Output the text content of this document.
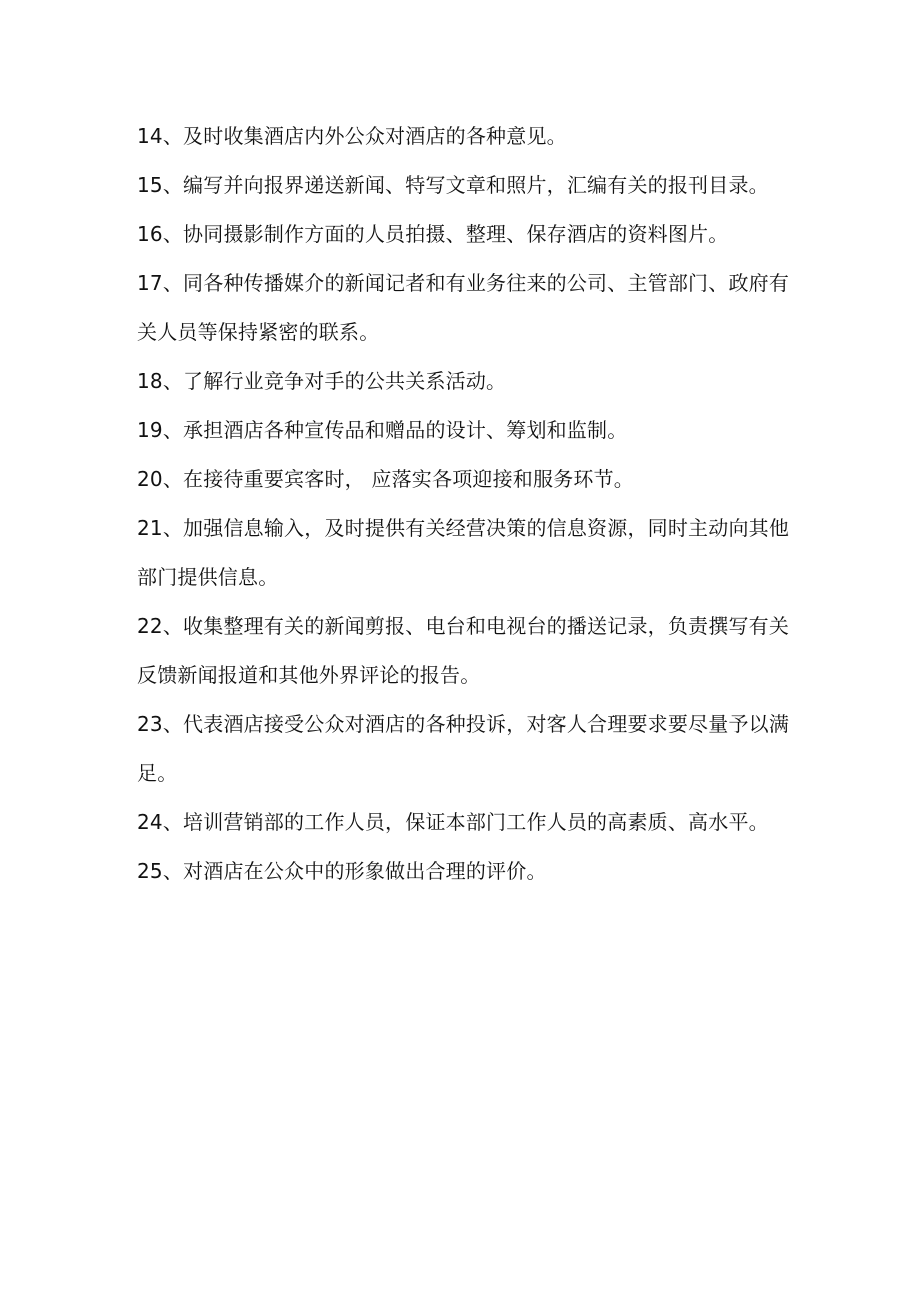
14、及时收集酒店内外公众对酒店的各种意见。

15、编写并向报界递送新闻、特写文章和照片，汇编有关的报刊目录。

16、协同摄影制作方面的人员拍摄、整理、保存酒店的资料图片。

17、同各种传播媒介的新闻记者和有业务往来的公司、主管部门、政府有关人员等保持紧密的联系。

18、了解行业竞争对手的公共关系活动。

19、承担酒店各种宣传品和赠品的设计、筹划和监制。

20、在接待重要宾客时， 应落实各项迎接和服务环节。

21、加强信息输入，及时提供有关经营决策的信息资源，同时主动向其他部门提供信息。

22、收集整理有关的新闻剪报、电台和电视台的播送记录，负责撰写有关反馈新闻报道和其他外界评论的报告。

23、代表酒店接受公众对酒店的各种投诉，对客人合理要求要尽量予以满足。

24、培训营销部的工作人员，保证本部门工作人员的高素质、高水平。

25、对酒店在公众中的形象做出合理的评价。
